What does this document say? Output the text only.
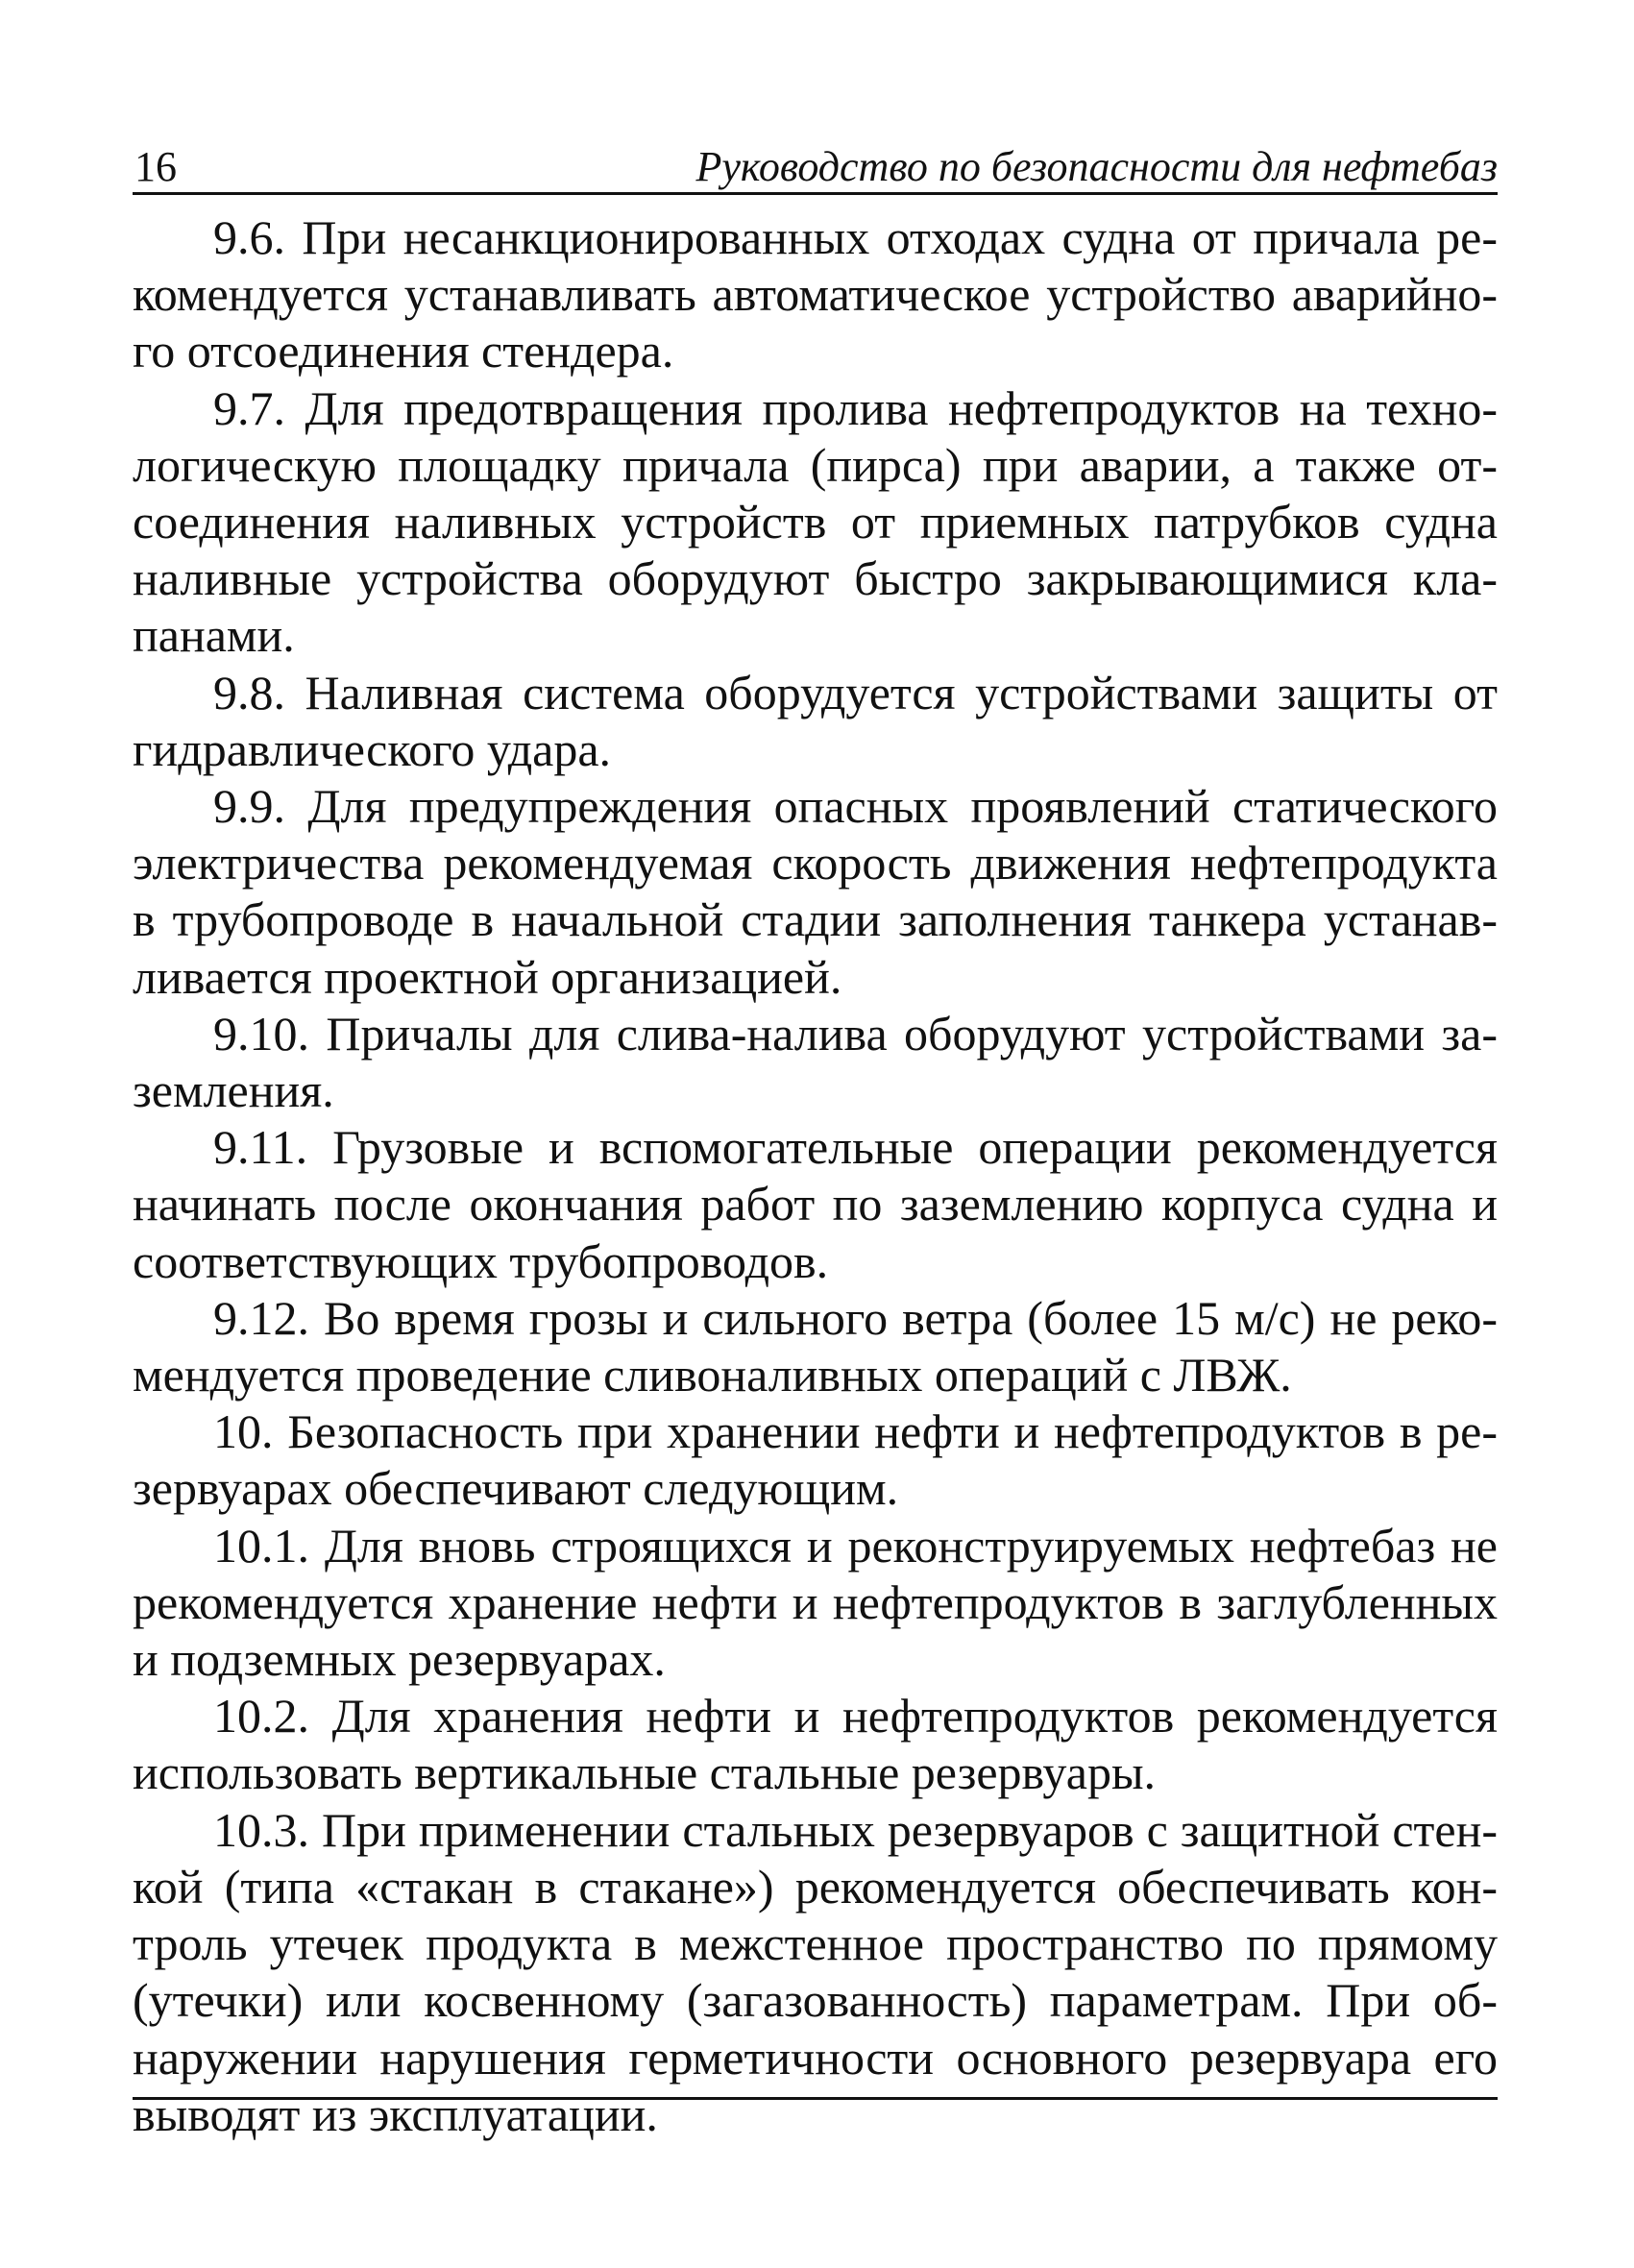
16	Руководство по безопасности для нефтебаз

9.6. При несанкционированных отходах судна от причала рекомендуется устанавливать автоматическое устройство аварийного отсоединения стендера.

9.7. Для предотвращения пролива нефтепродуктов на технологическую площадку причала (пирса) при аварии, а также отсоединения наливных устройств от приемных патрубков судна наливные устройства оборудуют быстро закрывающимися клапанами.

9.8. Наливная система оборудуется устройствами защиты от гидравлического удара.

9.9. Для предупреждения опасных проявлений статического электричества рекомендуемая скорость движения нефтепродукта в трубопроводе в начальной стадии заполнения танкера устанавливается проектной организацией.

9.10. Причалы для слива-налива оборудуют устройствами заземления.

9.11. Грузовые и вспомогательные операции рекомендуется начинать после окончания работ по заземлению корпуса судна и соответствующих трубопроводов.

9.12. Во время грозы и сильного ветра (более 15 м/с) не рекомендуется проведение сливоналивных операций с ЛВЖ.

10. Безопасность при хранении нефти и нефтепродуктов в резервуарах обеспечивают следующим.

10.1. Для вновь строящихся и реконструируемых нефтебаз не рекомендуется хранение нефти и нефтепродуктов в заглубленных и подземных резервуарах.

10.2. Для хранения нефти и нефтепродуктов рекомендуется использовать вертикальные стальные резервуары.

10.3. При применении стальных резервуаров с защитной стенкой (типа «стакан в стакане») рекомендуется обеспечивать контроль утечек продукта в межстенное пространство по прямому (утечки) или косвенному (загазованность) параметрам. При обнаружении нарушения герметичности основного резервуара его выводят из эксплуатации.
